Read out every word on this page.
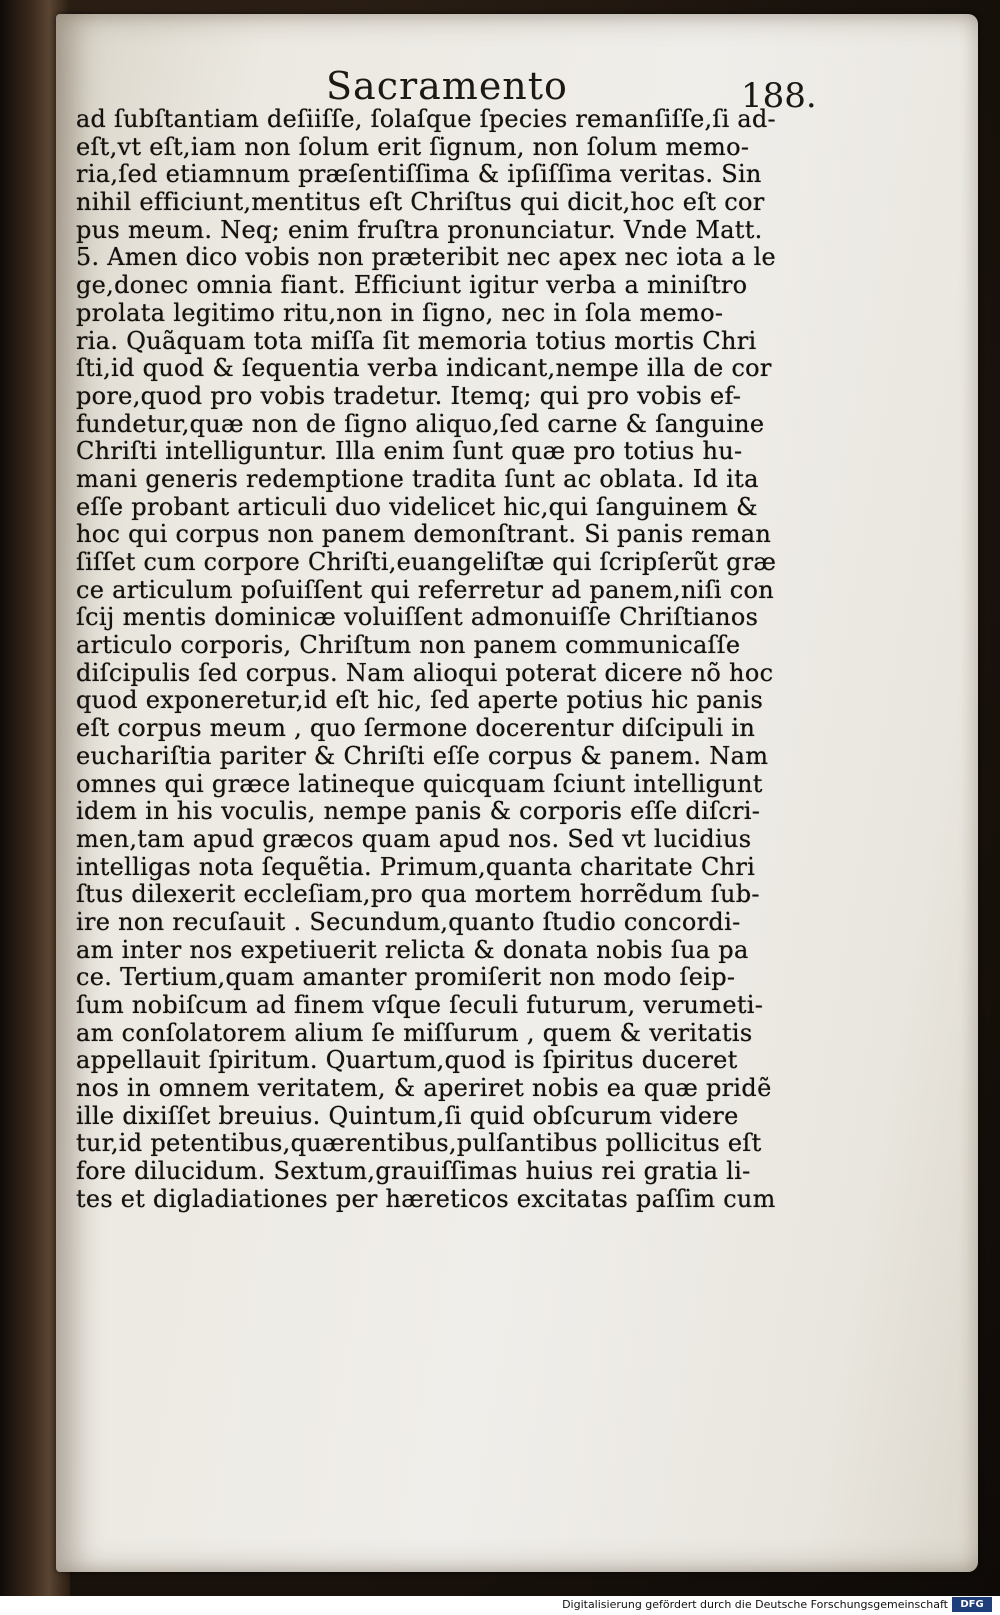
Sacramento	188.
ad ſubſtantiam deſiiſſe, ſolaſque ſpecies remanſiſſe,ſi ad-
eſt,vt eſt,iam non ſolum erit ſignum, non ſolum memo-
ria,ſed etiamnum præſentiſſima & ipſiſſima veritas. Sin
nihil efficiunt,mentitus eſt Chriſtus qui dicit,hoc eſt cor
pus meum. Neq; enim fruſtra pronunciatur. Vnde Matt.
5. Amen dico vobis non præteribit nec apex nec iota a le
ge,donec omnia fiant. Efficiunt igitur verba a miniſtro
prolata legitimo ritu,non in ſigno, nec in ſola memo-
ria. Quãquam tota miſſa ſit memoria totius mortis Chri
ſti,id quod & ſequentia verba indicant,nempe illa de cor
pore,quod pro vobis tradetur. Itemq; qui pro vobis ef-
fundetur,quæ non de ſigno aliquo,ſed carne & ſanguine
Chriſti intelliguntur. Illa enim ſunt quæ pro totius hu-
mani generis redemptione tradita ſunt ac oblata. Id ita
eſſe probant articuli duo videlicet hic,qui ſanguinem &
hoc qui corpus non panem demonſtrant. Si panis reman
ſiſſet cum corpore Chriſti,euangeliſtæ qui ſcripſerũt græ
ce articulum poſuiſſent qui referretur ad panem,niſi con
ſcij mentis dominicæ voluiſſent admonuiſſe Chriſtianos
articulo corporis, Chriſtum non panem communicaſſe
diſcipulis ſed corpus. Nam alioqui poterat dicere nõ hoc
quod exponeretur,id eſt hic, ſed aperte potius hic panis
eſt corpus meum , quo ſermone docerentur diſcipuli in
euchariſtia pariter & Chriſti eſſe corpus & panem. Nam
omnes qui græce latineque quicquam ſciunt intelligunt
idem in his voculis, nempe panis & corporis eſſe diſcri-
men,tam apud græcos quam apud nos. Sed vt lucidius
intelligas nota ſequẽtia. Primum,quanta charitate Chri
ſtus dilexerit eccleſiam,pro qua mortem horrẽdum ſub-
ire non recuſauit . Secundum,quanto ſtudio concordi-
am inter nos expetiuerit relicta & donata nobis ſua pa
ce. Tertium,quam amanter promiſerit non modo ſeip-
ſum nobiſcum ad finem vſque ſeculi futurum, verumeti-
am conſolatorem alium ſe miſſurum , quem & veritatis
appellauit ſpiritum. Quartum,quod is ſpiritus duceret
nos in omnem veritatem, & aperiret nobis ea quæ pridẽ
ille dixiſſet breuius. Quintum,ſi quid obſcurum videre
tur,id petentibus,quærentibus,pulſantibus pollicitus eſt
fore dilucidum. Sextum,grauiſſimas huius rei gratia li-
tes et digladiationes per hæreticos excitatas paſſim cum
Digitalisierung gefördert durch die Deutsche Forschungsgemeinschaft	DFG
